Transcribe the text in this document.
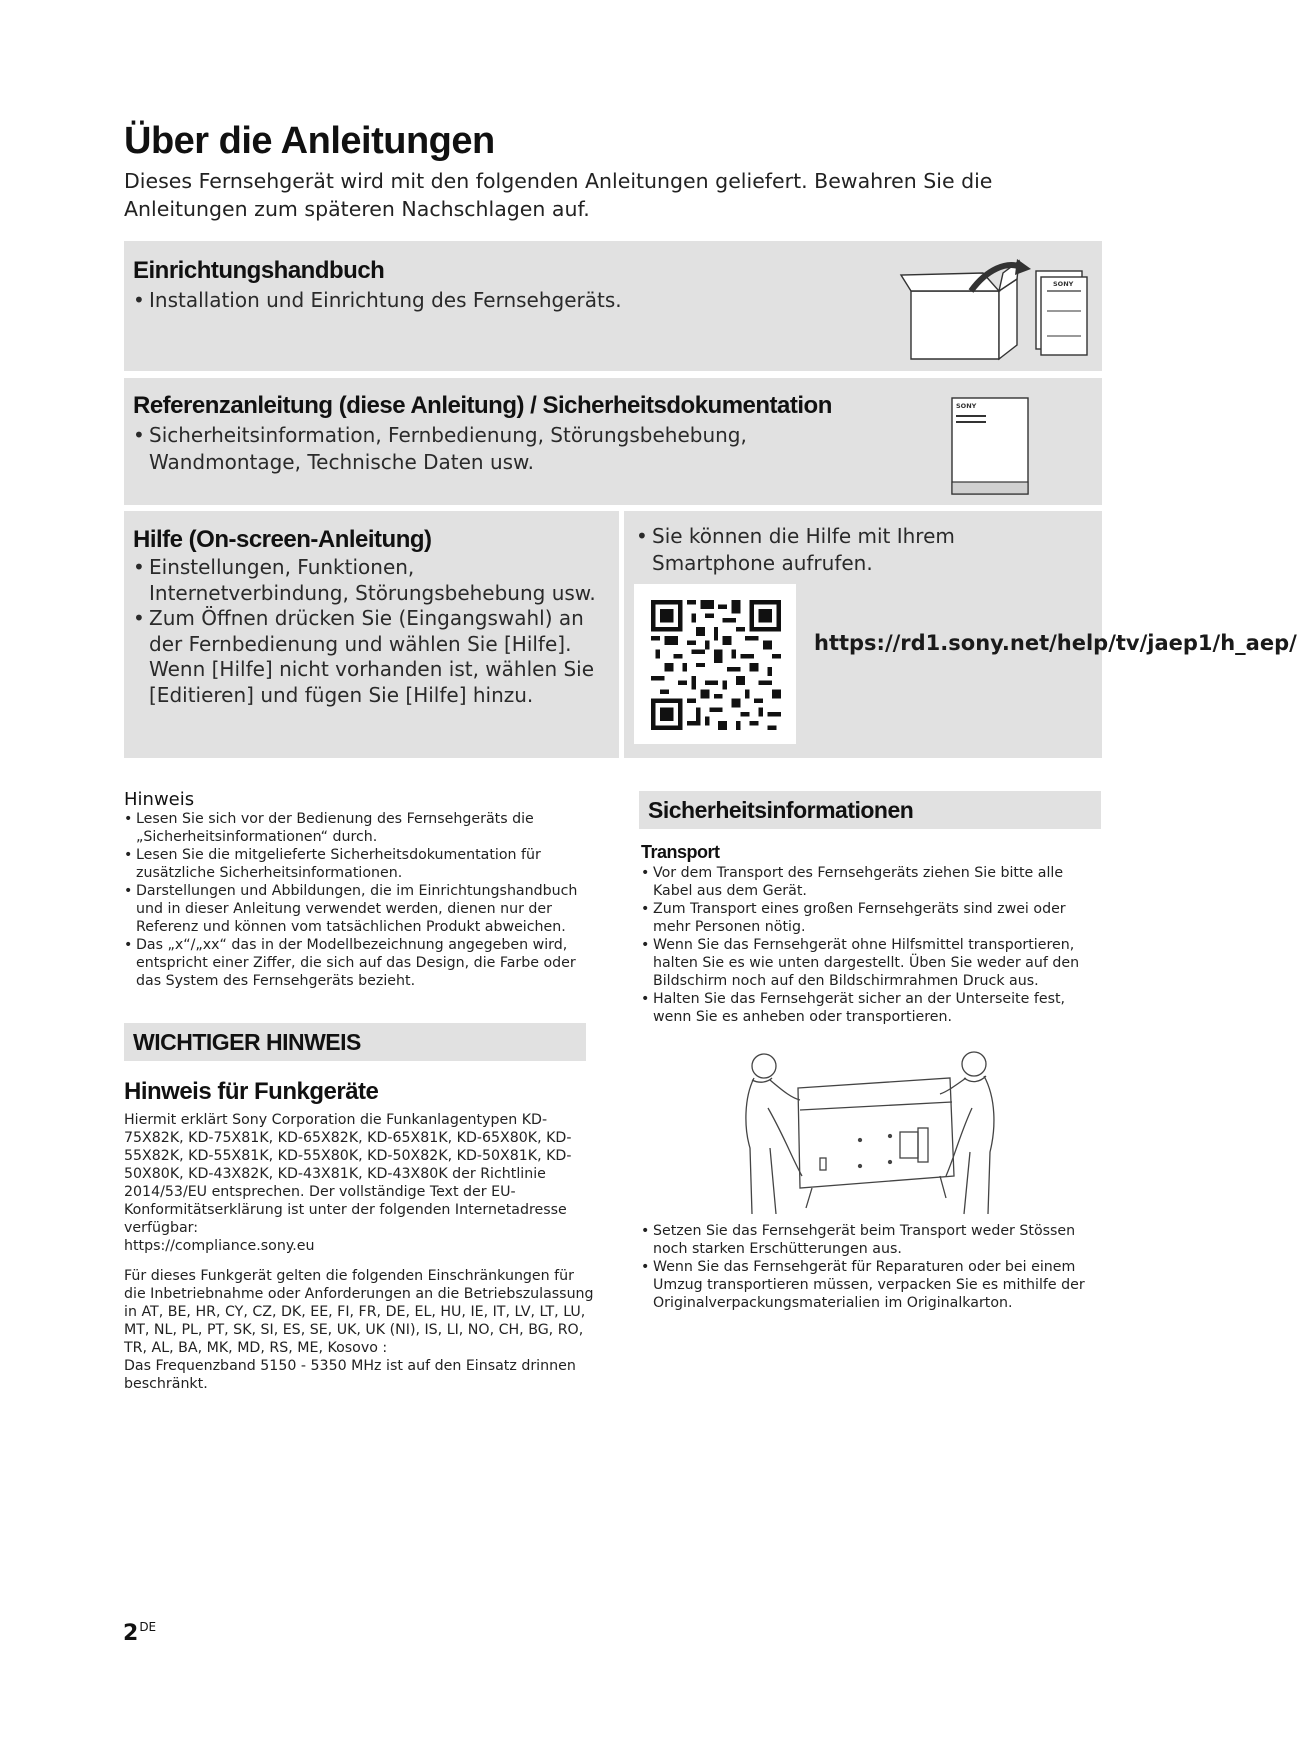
Über die Anleitungen
Dieses Fernsehgerät wird mit den folgenden Anleitungen geliefert. Bewahren Sie die Anleitungen zum späteren Nachschlagen auf.
Einrichtungshandbuch
• Installation und Einrichtung des Fernsehgeräts.
SONY
Referenzanleitung (diese Anleitung) / Sicherheitsdokumentation
• Sicherheitsinformation, Fernbedienung, Störungsbehebung, Wandmontage, Technische Daten usw.
SONY
Hilfe (On-screen-Anleitung)
• Einstellungen, Funktionen, Internetverbindung, Störungsbehebung usw.
• Zum Öffnen drücken Sie (Eingangswahl) an der Fernbedienung und wählen Sie [Hilfe]. Wenn [Hilfe] nicht vorhanden ist, wählen Sie [Editieren] und fügen Sie [Hilfe] hinzu.
• Sie können die Hilfe mit Ihrem Smartphone aufrufen.
https://rd1.sony.net/help/tv/jaep1/h_aep/
Hinweis
• Lesen Sie sich vor der Bedienung des Fernsehgeräts die „Sicherheitsinformationen“ durch.
• Lesen Sie die mitgelieferte Sicherheitsdokumentation für zusätzliche Sicherheitsinformationen.
• Darstellungen und Abbildungen, die im Einrichtungshandbuch und in dieser Anleitung verwendet werden, dienen nur der Referenz und können vom tatsächlichen Produkt abweichen.
• Das „x“/„xx“ das in der Modellbezeichnung angegeben wird, entspricht einer Ziffer, die sich auf das Design, die Farbe oder das System des Fernsehgeräts bezieht.
WICHTIGER HINWEIS
Hinweis für Funkgeräte

Hiermit erklärt Sony Corporation die Funkanlagentypen KD-75X82K, KD-75X81K, KD-65X82K, KD-65X81K, KD-65X80K, KD-55X82K, KD-55X81K, KD-55X80K, KD-50X82K, KD-50X81K, KD-50X80K, KD-43X82K, KD-43X81K, KD-43X80K der Richtlinie 2014/53/EU entsprechen. Der vollständige Text der EU-Konformitätserklärung ist unter der folgenden Internetadresse verfügbar:

https://compliance.sony.eu

Für dieses Funkgerät gelten die folgenden Einschränkungen für die Inbetriebnahme oder Anforderungen an die Betriebszulassung in AT, BE, HR, CY, CZ, DK, EE, FI, FR, DE, EL, HU, IE, IT, LV, LT, LU, MT, NL, PL, PT, SK, SI, ES, SE, UK, UK (NI), IS, LI, NO, CH, BG, RO, TR, AL, BA, MK, MD, RS, ME, Kosovo :

Das Frequenzband 5150 - 5350 MHz ist auf den Einsatz drinnen beschränkt.

Sicherheitsinformationen
Transport
• Vor dem Transport des Fernsehgeräts ziehen Sie bitte alle Kabel aus dem Gerät.
• Zum Transport eines großen Fernsehgeräts sind zwei oder mehr Personen nötig.
• Wenn Sie das Fernsehgerät ohne Hilfsmittel transportieren, halten Sie es wie unten dargestellt. Üben Sie weder auf den Bildschirm noch auf den Bildschirmrahmen Druck aus.
• Halten Sie das Fernsehgerät sicher an der Unterseite fest, wenn Sie es anheben oder transportieren.
• Setzen Sie das Fernsehgerät beim Transport weder Stössen noch starken Erschütterungen aus.
• Wenn Sie das Fernsehgerät für Reparaturen oder bei einem Umzug transportieren müssen, verpacken Sie es mithilfe der Originalverpackungsmaterialien im Originalkarton.
2DE
